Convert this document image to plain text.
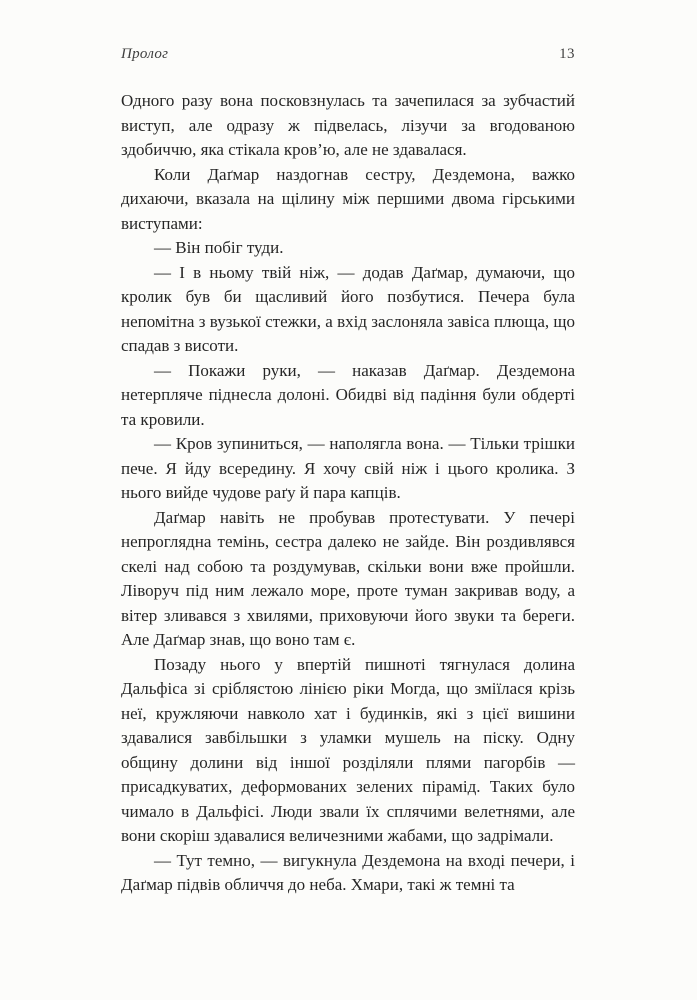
Пролог	13

Одного разу вона посковзнулась та зачепилася за зубчастий виступ, але одразу ж підвелась, лізучи за вгодованою здобиччю, яка стікала кров’ю, але не здавалася.

Коли Даґмар наздогнав сестру, Дездемона, важко дихаючи, вказала на щілину між першими двома гірськими виступами:

— Він побіг туди.

— І в ньому твій ніж, — додав Даґмар, думаючи, що кролик був би щасливий його позбутися. Печера була непомітна з вузької стежки, а вхід заслоняла завіса плюща, що спадав з висоти.

— Покажи руки, — наказав Даґмар. Дездемона нетерпляче піднесла долоні. Обидві від падіння були обдерті та кровили.

— Кров зупиниться, — наполягла вона. — Тільки трішки пече. Я йду всередину. Я хочу свій ніж і цього кролика. З нього вийде чудове раґу й пара капців.

Даґмар навіть не пробував протестувати. У печері непроглядна темінь, сестра далеко не зайде. Він роздивлявся скелі над собою та роздумував, скільки вони вже пройшли. Ліворуч під ним лежало море, проте туман закривав воду, а вітер зливався з хвилями, приховуючи його звуки та береги. Але Даґмар знав, що воно там є.

Позаду нього у впертій пишноті тягнулася долина Дальфіса зі сріблястою лінією ріки Могда, що зміїлася крізь неї, кружляючи навколо хат і будинків, які з цієї вишини здавалися завбільшки з уламки мушель на піску. Одну общину долини від іншої розділяли плями пагорбів — присадкуватих, деформованих зелених пірамід. Таких було чимало в Дальфісі. Люди звали їх сплячими велетнями, але вони скоріш здавалися величезними жабами, що задрімали.

— Тут темно, — вигукнула Дездемона на вході печери, і Даґмар підвів обличчя до неба. Хмари, такі ж темні та
